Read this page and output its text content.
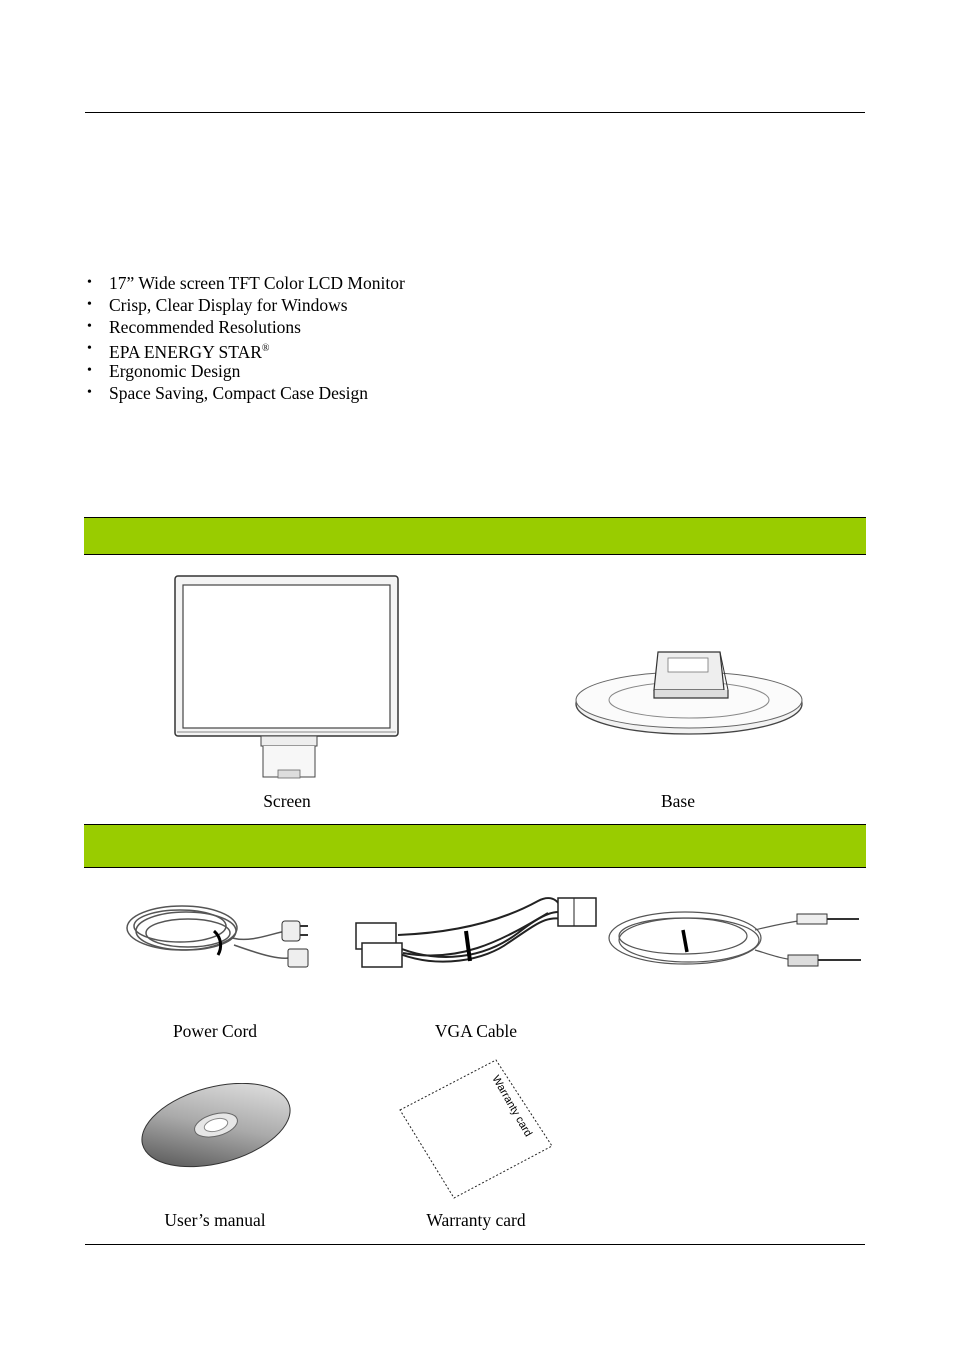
• 17” Wide screen TFT Color LCD Monitor
• Crisp, Clear Display for Windows
• Recommended Resolutions
• EPA ENERGY STAR®
• Ergonomic Design
• Space Saving, Compact Case Design
Screen	Base
Power Cord	VGA Cable
User’s manual
Warranty card
Warranty card
